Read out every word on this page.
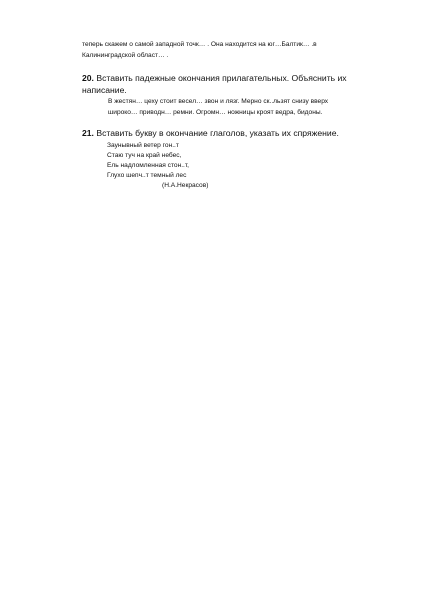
теперь скажем о самой западной точк… . Она находится на юг…Балтик… .в
Калининградской област… .
20. Вставить падежные окончания прилагательных. Объяснить их
написание.
В жестян… цеху стоит весел… звон и лязг. Мерно ск..льзят снизу вверх
широко… приводн… ремни. Огромн… ножницы кроят ведра, бидоны.
21. Вставить букву в окончание глаголов, указать их спряжение.
Заунывный ветер гон..т
Стаю туч на край небес,
Ель надломленная стон..т,
Глухо шепч..т темный лес
(Н.А.Некрасов)
